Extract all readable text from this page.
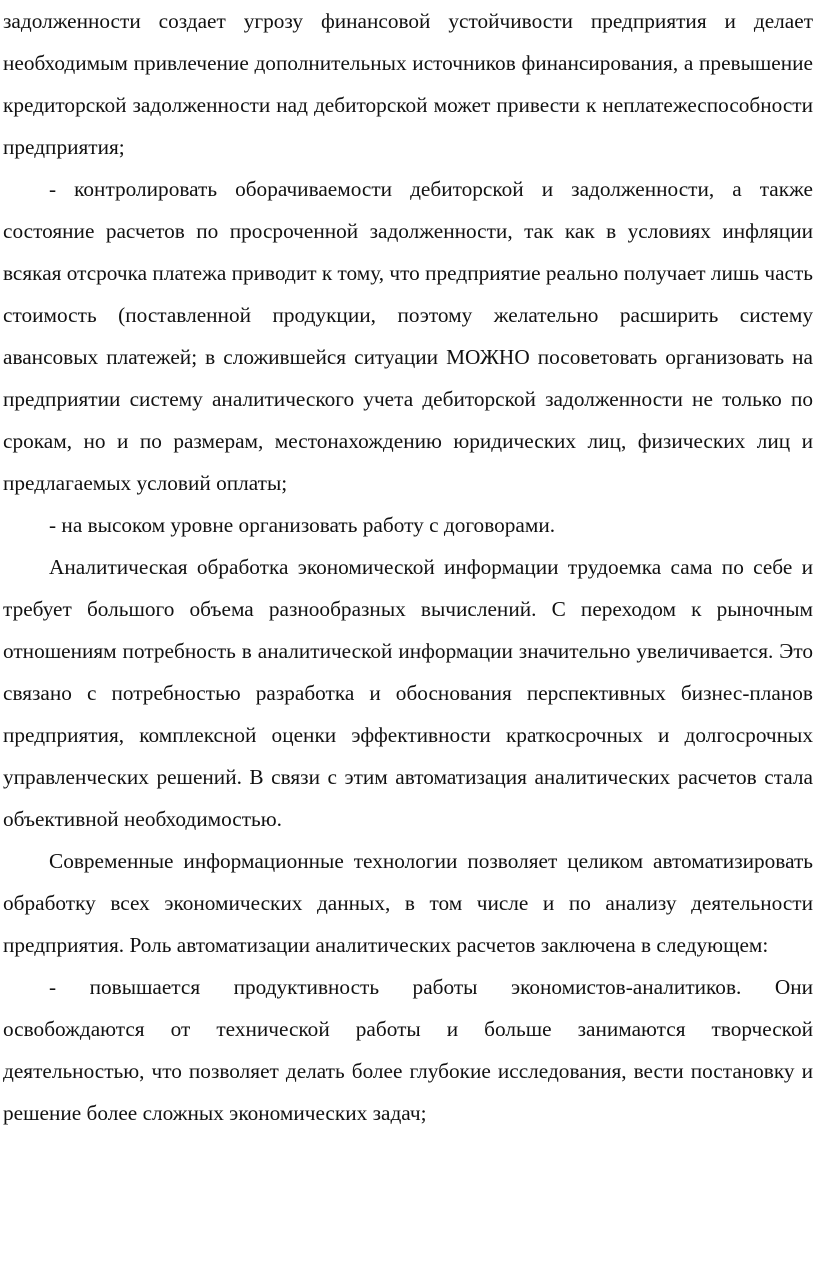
задолженности создает угрозу финансовой устойчивости предприятия и делает необходимым привлечение дополнительных источников финансирования, а превышение кредиторской задолженности над дебиторской может привести к неплатежеспособности предприятия;

- контролировать оборачиваемости дебиторской и задолженности, а также состояние расчетов по просроченной задолженности, так как в условиях инфляции всякая отсрочка платежа приводит к тому, что предприятие реально получает лишь часть стоимость (поставленной продукции, поэтому желательно расширить систему авансовых платежей; в сложившейся ситуации МОЖНО посоветовать организовать на предприятии систему аналитического учета дебиторской задолженности не только по срокам, но и по размерам, местонахождению юридических лиц, физических лиц и предлагаемых условий оплаты;

- на высоком уровне организовать работу с договорами.

Аналитическая обработка экономической информации трудоемка сама по себе и требует большого объема разнообразных вычислений. С переходом к рыночным отношениям потребность в аналитической информации значительно увеличивается. Это связано с потребностью разработка и обоснования перспективных бизнес-планов предприятия, комплексной оценки эффективности краткосрочных и долгосрочных управленческих решений. В связи с этим автоматизация аналитических расчетов стала объективной необходимостью.

Современные информационные технологии позволяет целиком автоматизировать обработку всех экономических данных, в том числе и по анализу деятельности предприятия. Роль автоматизации аналитических расчетов заключена в следующем:

- повышается продуктивность работы экономистов-аналитиков. Они освобождаются от технической работы и больше занимаются творческой деятельностью, что позволяет делать более глубокие исследования, вести постановку и решение более сложных экономических задач;
